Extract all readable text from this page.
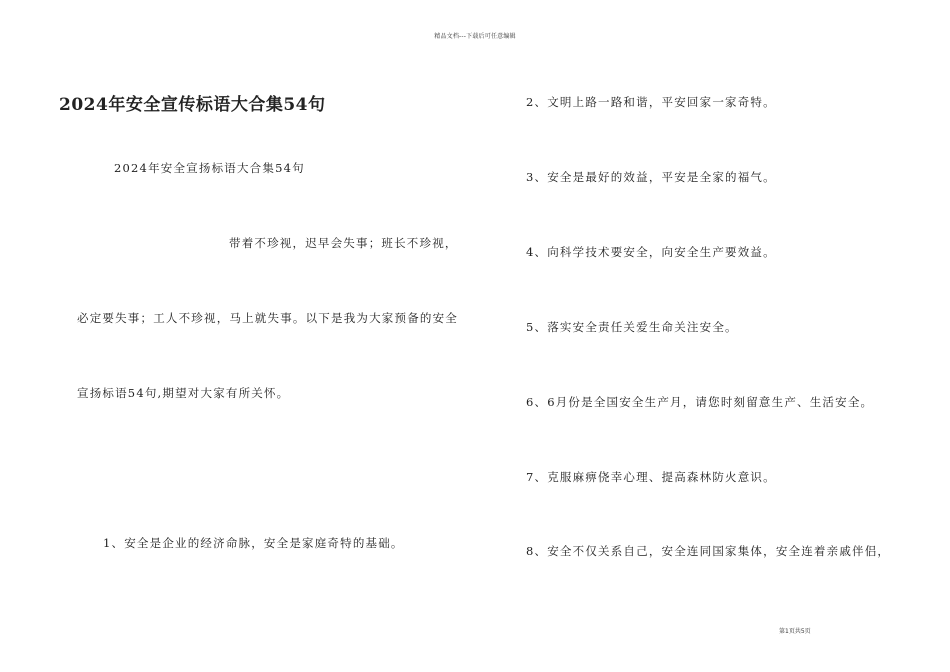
精品文档---下载后可任意编辑
2024年安全宣传标语大合集54句
2024年安全宣扬标语大合集54句
带着不珍视，迟早会失事；班长不珍视，
必定要失事；工人不珍视，马上就失事。以下是我为大家预备的安全
宣扬标语54句,期望对大家有所关怀。
1、安全是企业的经济命脉，安全是家庭奇特的基础。
2、文明上路一路和谐，平安回家一家奇特。
3、安全是最好的效益，平安是全家的福气。
4、向科学技术要安全，向安全生产要效益。
5、落实安全责任关爱生命关注安全。
6、6月份是全国安全生产月，请您时刻留意生产、生活安全。
7、克服麻痹侥幸心理、提高森林防火意识。
8、安全不仅关系自己，安全连同国家集体，安全连着亲戚伴侣，
第1页共5页
